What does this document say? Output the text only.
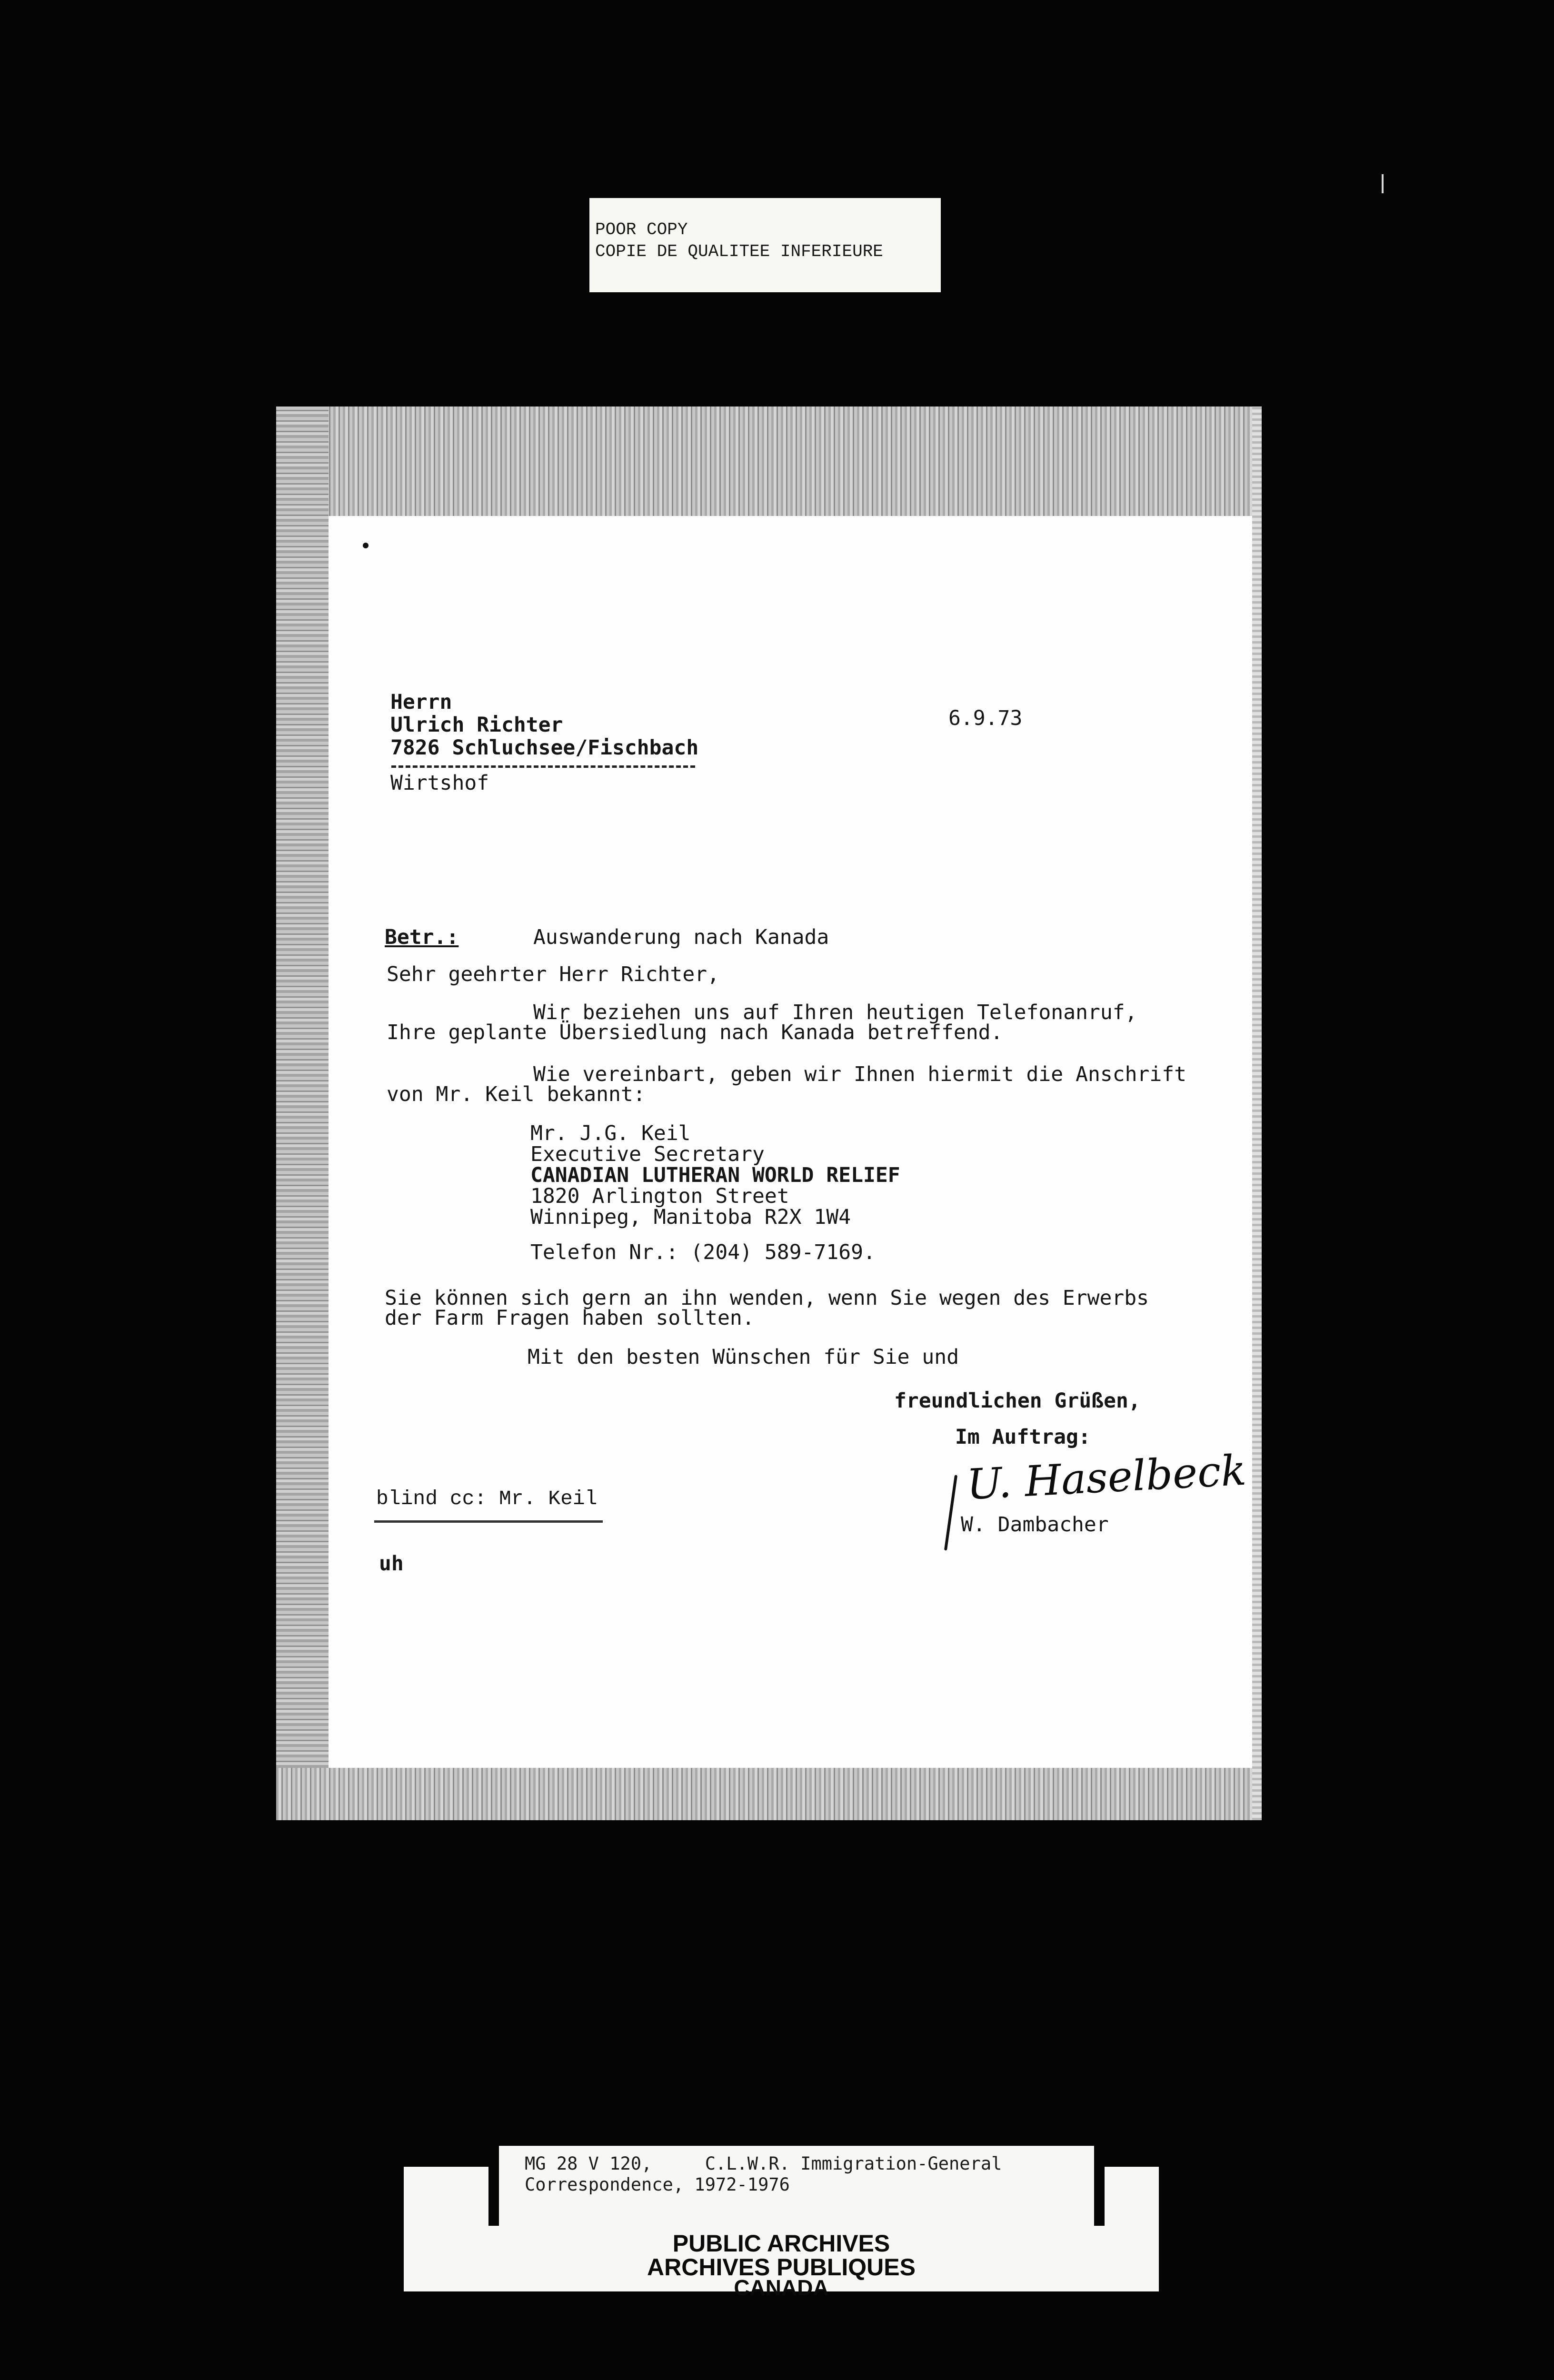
POOR COPY
COPIE DE QUALITEE INFERIEURE
Herrn
Ulrich Richter
7826 Schluchsee/Fischbach
Wirtshof
6.9.73
Betr.:	Auswanderung nach Kanada
Sehr geehrter Herr Richter,
Wir beziehen uns auf Ihren heutigen Telefonanruf,
Ihre geplante Übersiedlung nach Kanada betreffend.
Wie vereinbart, geben wir Ihnen hiermit die Anschrift
von Mr. Keil bekannt:
Mr. J.G. Keil
Executive Secretary
CANADIAN LUTHERAN WORLD RELIEF
1820 Arlington Street
Winnipeg, Manitoba R2X 1W4
Telefon Nr.: (204) 589-7169.
Sie können sich gern an ihn wenden, wenn Sie wegen des Erwerbs
der Farm Fragen haben sollten.
Mit den besten Wünschen für Sie und
freundlichen Grüßen,
Im Auftrag:
U. Haselbeck
W. Dambacher
blind cc: Mr. Keil
uh
MG 28 V 120,     C.L.W.R. Immigration-General
Correspondence, 1972-1976
PUBLIC ARCHIVES
ARCHIVES PUBLIQUES
CANADA
